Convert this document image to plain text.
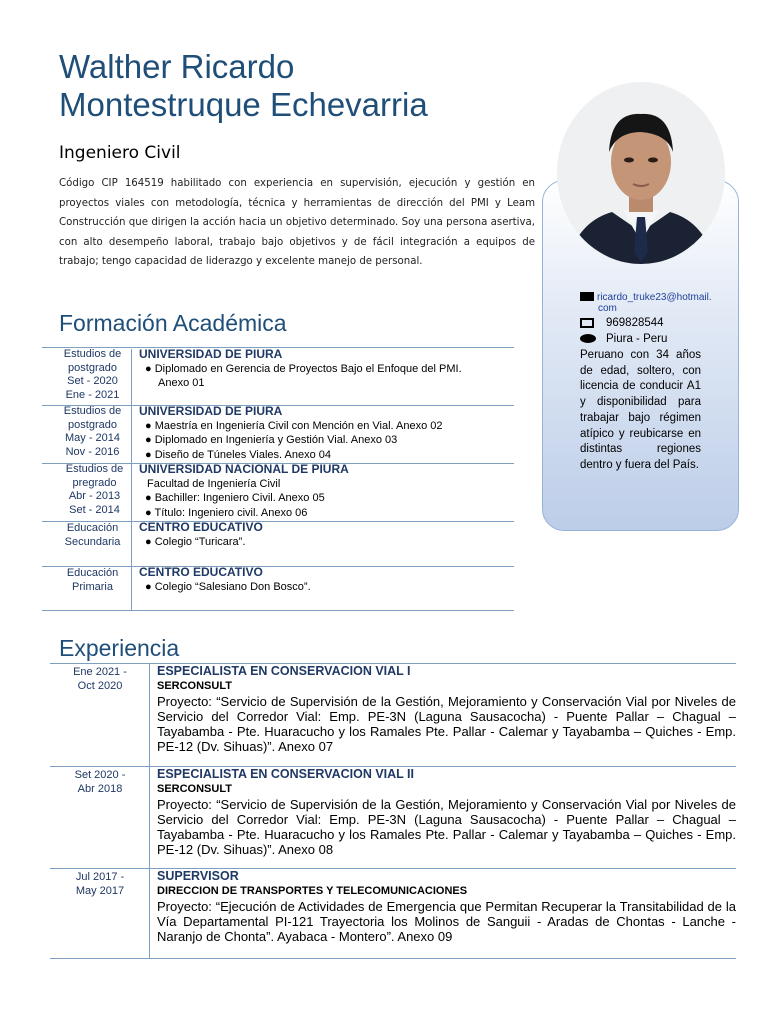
Walther Ricardo
Montestruque Echevarria
Ingeniero Civil
Código CIP 164519 habilitado con experiencia en supervisión, ejecución y gestión en proyectos viales con metodología, técnica y herramientas de dirección del PMI y Leam Construcción que dirigen la acción hacia un objetivo determinado. Soy una persona asertiva, con alto desempeño laboral, trabajo bajo objetivos y de fácil integración a equipos de trabajo; tengo capacidad de liderazgo y excelente manejo de personal.
ricardo_truke23@hotmail.
com
969828544
Piura - Peru
Peruano con 34 años de edad, soltero, con licencia de conducir A1 y disponibilidad para trabajar bajo régimen atípico y reubicarse en distintas regiones dentro y fuera del País.
Formación Académica
Estudios de
postgrado
Set - 2020
Ene - 2021
UNIVERSIDAD DE PIURA
● Diplomado en Gerencia de Proyectos Bajo el Enfoque del PMI.
Anexo 01
Estudios de
postgrado
May - 2014
Nov - 2016
UNIVERSIDAD DE PIURA
● Maestría en Ingeniería Civil con Mención en Vial. Anexo 02
● Diplomado en Ingeniería y Gestión Vial. Anexo 03
● Diseño de Túneles Viales. Anexo 04
Estudios de
pregrado
Abr - 2013
Set - 2014
UNIVERSIDAD NACIONAL DE PIURA
Facultad de Ingeniería Civil
● Bachiller: Ingeniero Civil. Anexo 05
● Título: Ingeniero civil. Anexo 06
Educación
Secundaria
CENTRO EDUCATIVO
● Colegio “Turicara”.
Educación
Primaria
CENTRO EDUCATIVO
● Colegio “Salesiano Don Bosco”.
Experiencia
Ene 2021 -
Oct 2020
ESPECIALISTA EN CONSERVACION VIAL I
SERCONSULT
Proyecto: “Servicio de Supervisión de la Gestión, Mejoramiento y Conservación Vial por Niveles de Servicio del Corredor Vial: Emp. PE-3N (Laguna Sausacocha) - Puente Pallar – Chagual – Tayabamba - Pte. Huaracucho y los Ramales Pte. Pallar - Calemar y Tayabamba – Quiches - Emp. PE-12 (Dv. Sihuas)”. Anexo 07
Set 2020 -
Abr 2018
ESPECIALISTA EN CONSERVACION VIAL II
SERCONSULT
Proyecto: “Servicio de Supervisión de la Gestión, Mejoramiento y Conservación Vial por Niveles de Servicio del Corredor Vial: Emp. PE-3N (Laguna Sausacocha) - Puente Pallar – Chagual – Tayabamba - Pte. Huaracucho y los Ramales Pte. Pallar - Calemar y Tayabamba – Quiches - Emp. PE-12 (Dv. Sihuas)”. Anexo 08
Jul 2017 -
May 2017
SUPERVISOR
DIRECCION DE TRANSPORTES Y TELECOMUNICACIONES
Proyecto: “Ejecución de Actividades de Emergencia que Permitan Recuperar la Transitabilidad de la Vía Departamental PI-121 Trayectoria los Molinos de Sanguii - Aradas de Chontas - Lanche - Naranjo de Chonta”. Ayabaca - Montero”. Anexo 09
